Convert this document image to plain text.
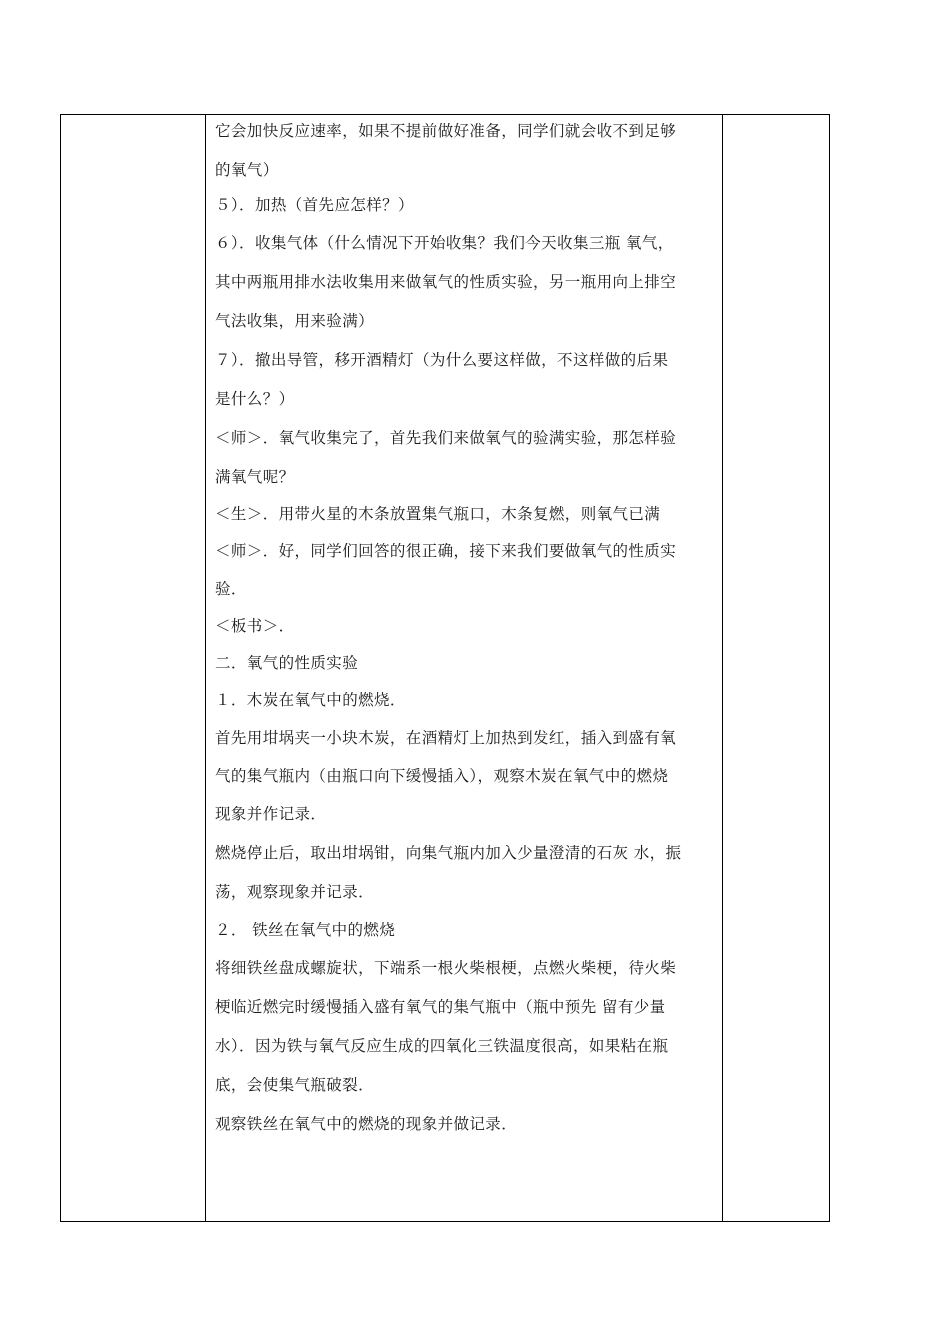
它会加快反应速率，如果不提前做好准备，同学们就会收不到足够
的氧气）
５）．加热（首先应怎样？）
６）．收集气体（什么情况下开始收集？我们今天收集三瓶 氧气，
其中两瓶用排水法收集用来做氧气的性质实验，另一瓶用向上排空
气法收集，用来验满）
７）．撤出导管，移开酒精灯（为什么要这样做，不这样做的后果
是什么？）
＜师＞．氧气收集完了，首先我们来做氧气的验满实验，那怎样验
满氧气呢？
＜生＞．用带火星的木条放置集气瓶口，木条复燃，则氧气已满
＜师＞．好，同学们回答的很正确，接下来我们要做氧气的性质实
验．
＜板书＞．
二．氧气的性质实验
１．木炭在氧气中的燃烧．
首先用坩埚夹一小块木炭，在酒精灯上加热到发红，插入到盛有氧
气的集气瓶内（由瓶口向下缓慢插入），观察木炭在氧气中的燃烧
现象并作记录．
燃烧停止后，取出坩埚钳，向集气瓶内加入少量澄清的石灰 水，振
荡，观察现象并记录．
２． 铁丝在氧气中的燃烧
将细铁丝盘成螺旋状，下端系一根火柴根梗，点燃火柴梗，待火柴
梗临近燃完时缓慢插入盛有氧气的集气瓶中（瓶中预先 留有少量
水）．因为铁与氧气反应生成的四氧化三铁温度很高，如果粘在瓶
底，会使集气瓶破裂．
观察铁丝在氧气中的燃烧的现象并做记录．
